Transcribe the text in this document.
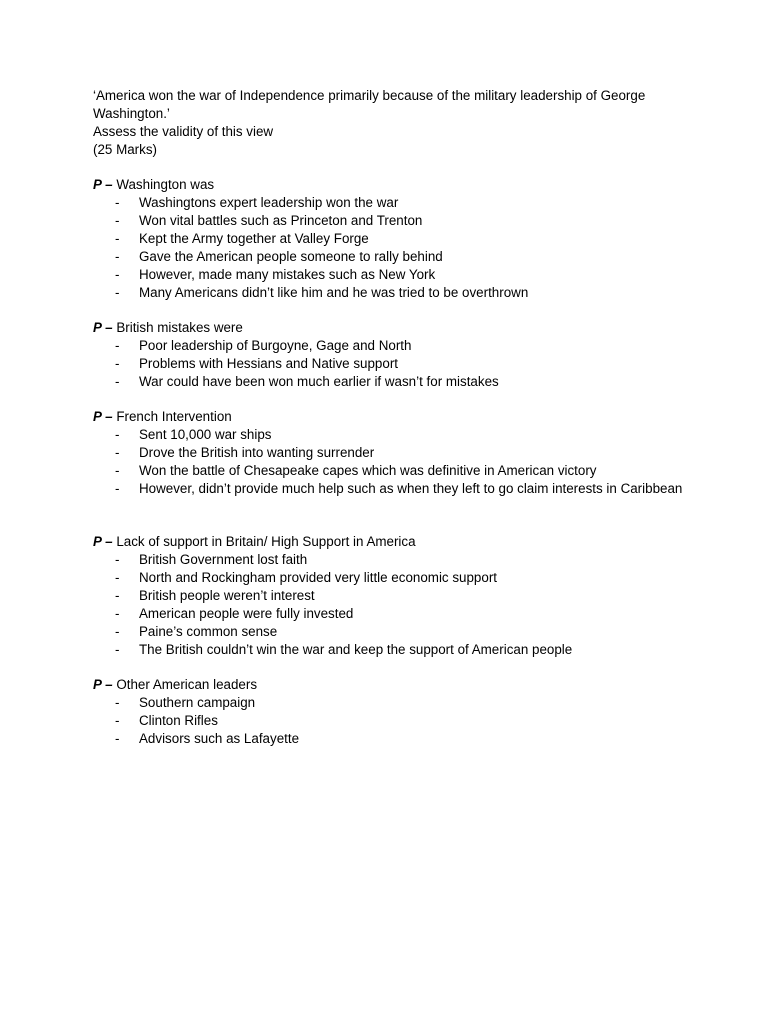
‘America won the war of Independence primarily because of the military leadership of George Washington.’

Assess the validity of this view

(25 Marks)

P – Washington was

- Washingtons expert leadership won the war
- Won vital battles such as Princeton and Trenton
- Kept the Army together at Valley Forge
- Gave the American people someone to rally behind
- However, made many mistakes such as New York
- Many Americans didn’t like him and he was tried to be overthrown

P – British mistakes were

- Poor leadership of Burgoyne, Gage and North
- Problems with Hessians and Native support
- War could have been won much earlier if wasn’t for mistakes

P – French Intervention

- Sent 10,000 war ships
- Drove the British into wanting surrender
- Won the battle of Chesapeake capes which was definitive in American victory
- However, didn’t provide much help such as when they left to go claim interests in Caribbean

P – Lack of support in Britain/ High Support in America

- British Government lost faith
- North and Rockingham provided very little economic support
- British people weren’t interest
- American people were fully invested
- Paine’s common sense
- The British couldn’t win the war and keep the support of American people

P – Other American leaders

- Southern campaign
- Clinton Rifles
- Advisors such as Lafayette
